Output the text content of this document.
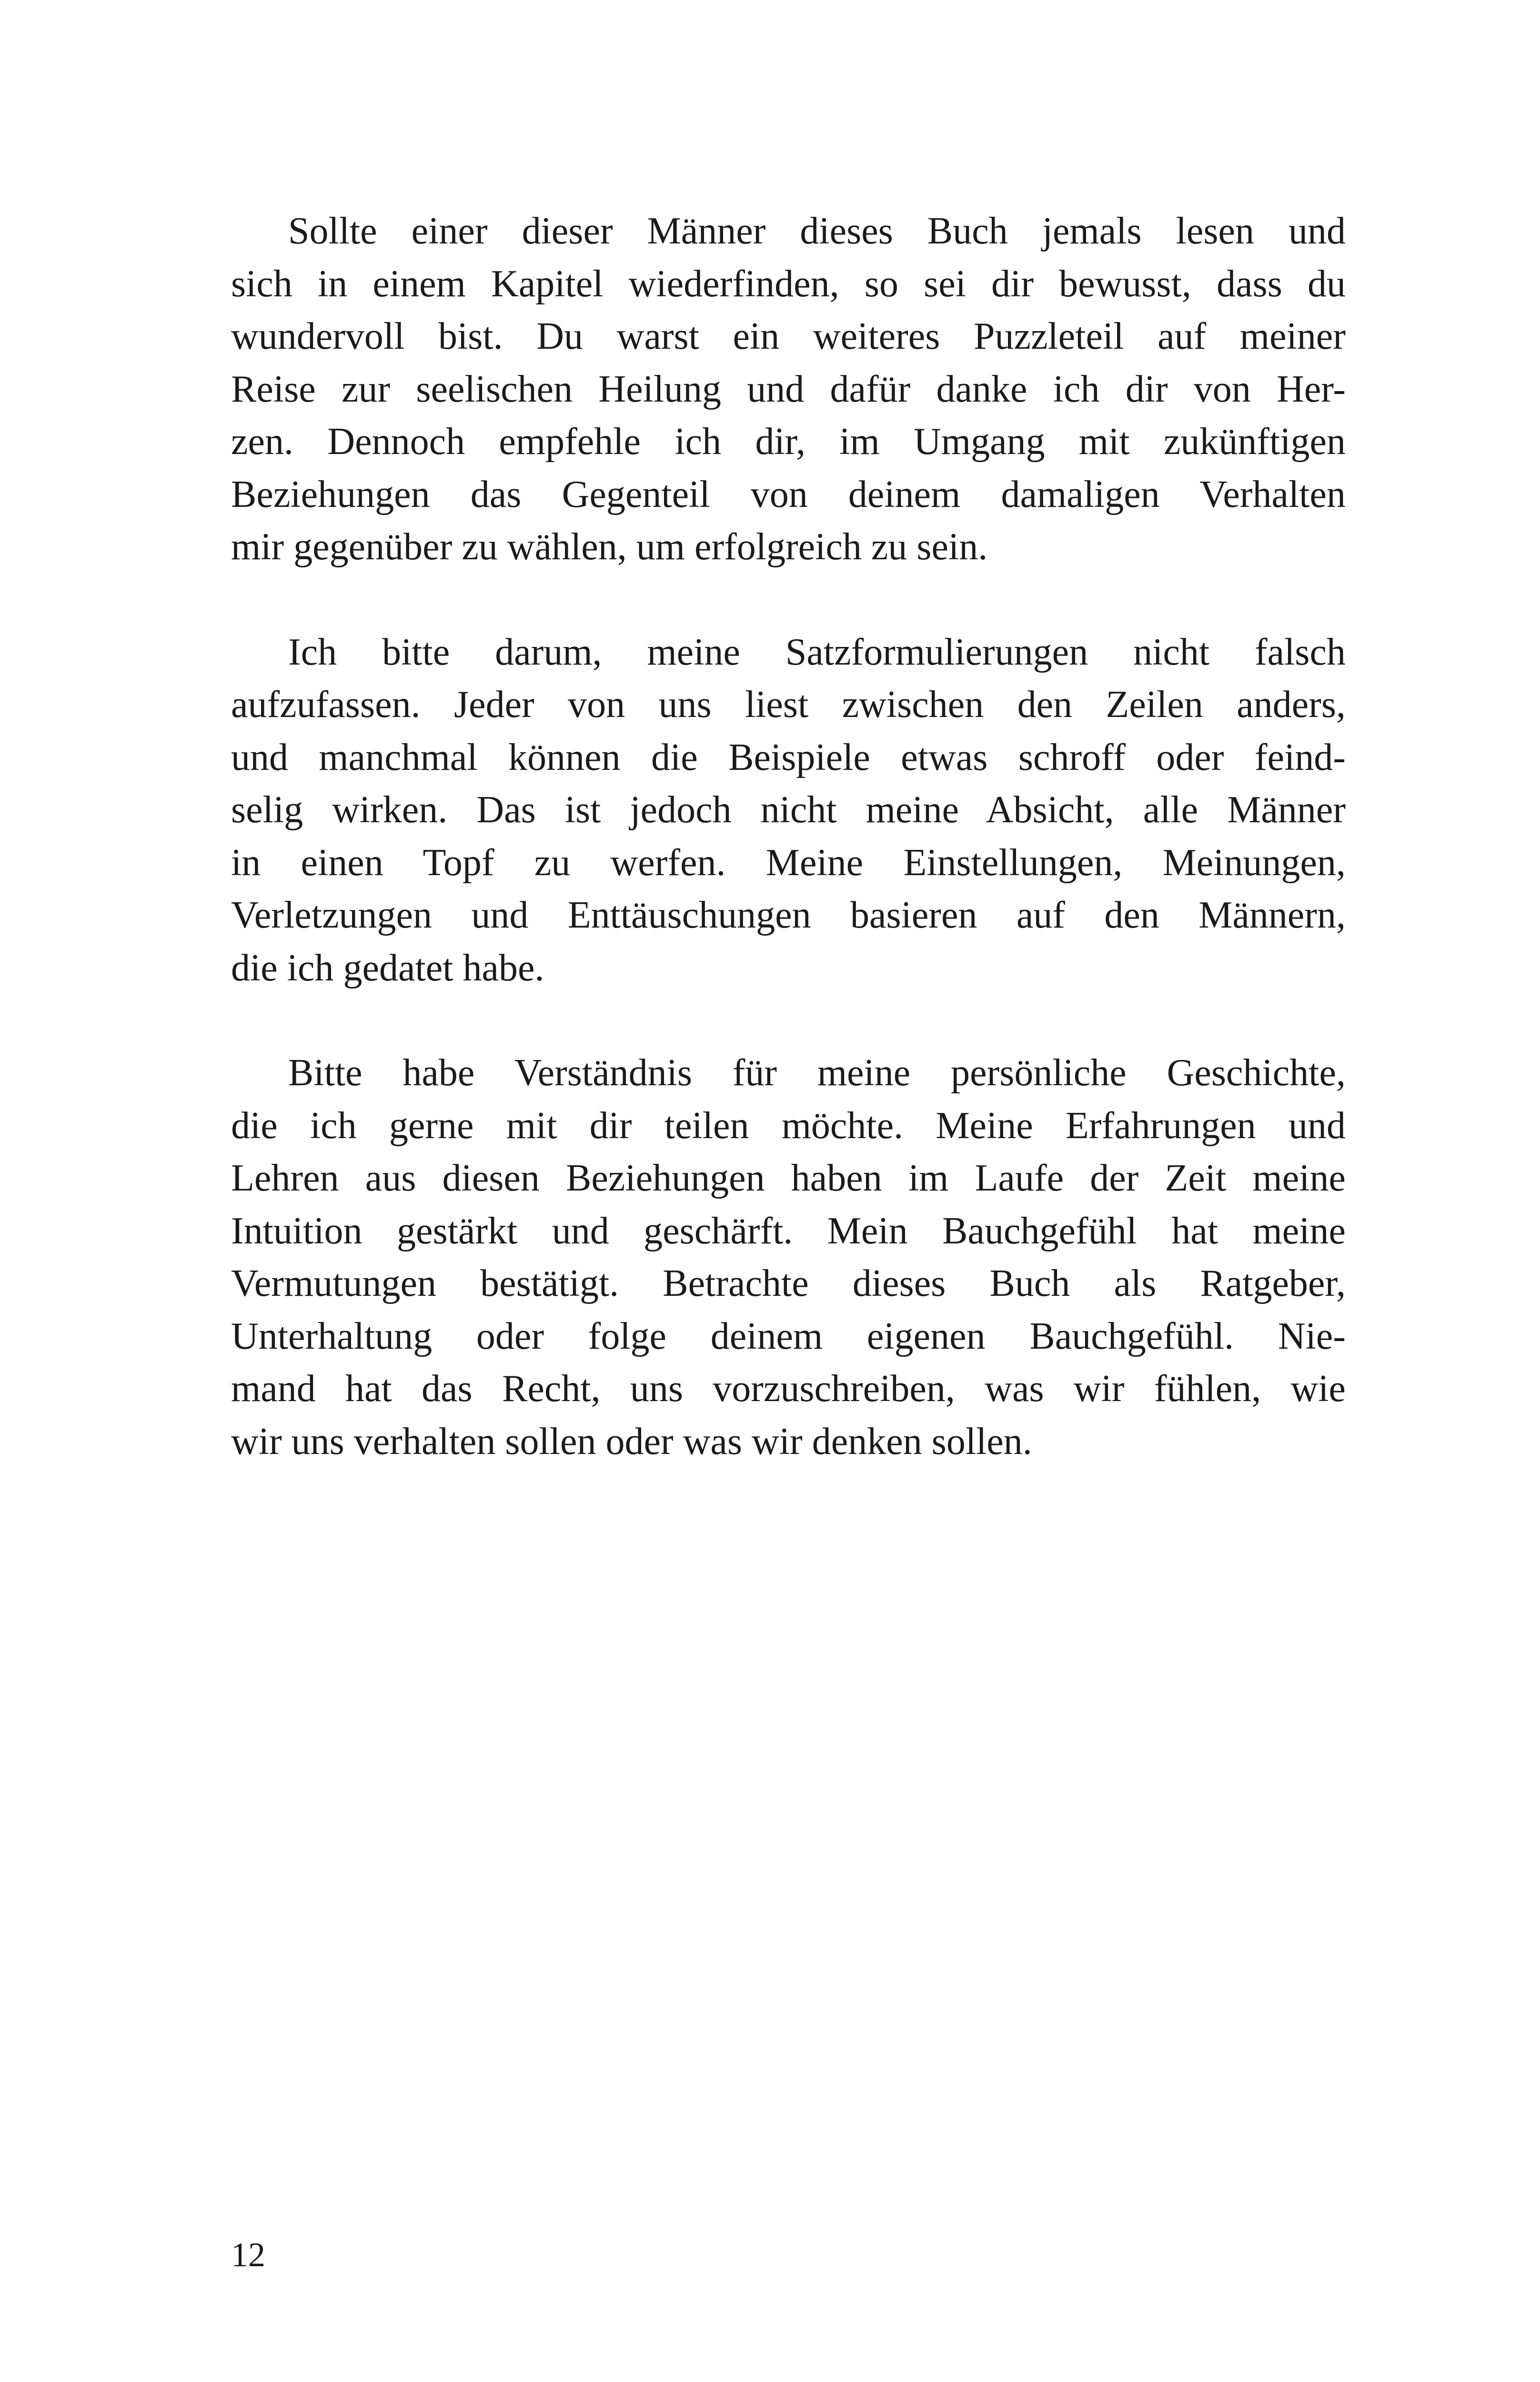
Sollte einer dieser Männer dieses Buch jemals lesen und
sich in einem Kapitel wiederfinden, so sei dir bewusst, dass du
wundervoll bist. Du warst ein weiteres Puzzleteil auf meiner
Reise zur seelischen Heilung und dafür danke ich dir von Her-
zen. Dennoch empfehle ich dir, im Umgang mit zukünftigen
Beziehungen das Gegenteil von deinem damaligen Verhalten
mir gegenüber zu wählen, um erfolgreich zu sein.

Ich bitte darum, meine Satzformulierungen nicht falsch
aufzufassen. Jeder von uns liest zwischen den Zeilen anders,
und manchmal können die Beispiele etwas schroff oder feind-
selig wirken. Das ist jedoch nicht meine Absicht, alle Männer
in einen Topf zu werfen. Meine Einstellungen, Meinungen,
Verletzungen und Enttäuschungen basieren auf den Männern,
die ich gedatet habe.

Bitte habe Verständnis für meine persönliche Geschichte,
die ich gerne mit dir teilen möchte. Meine Erfahrungen und
Lehren aus diesen Beziehungen haben im Laufe der Zeit meine
Intuition gestärkt und geschärft. Mein Bauchgefühl hat meine
Vermutungen bestätigt. Betrachte dieses Buch als Ratgeber,
Unterhaltung oder folge deinem eigenen Bauchgefühl. Nie-
mand hat das Recht, uns vorzuschreiben, was wir fühlen, wie
wir uns verhalten sollen oder was wir denken sollen.

12
